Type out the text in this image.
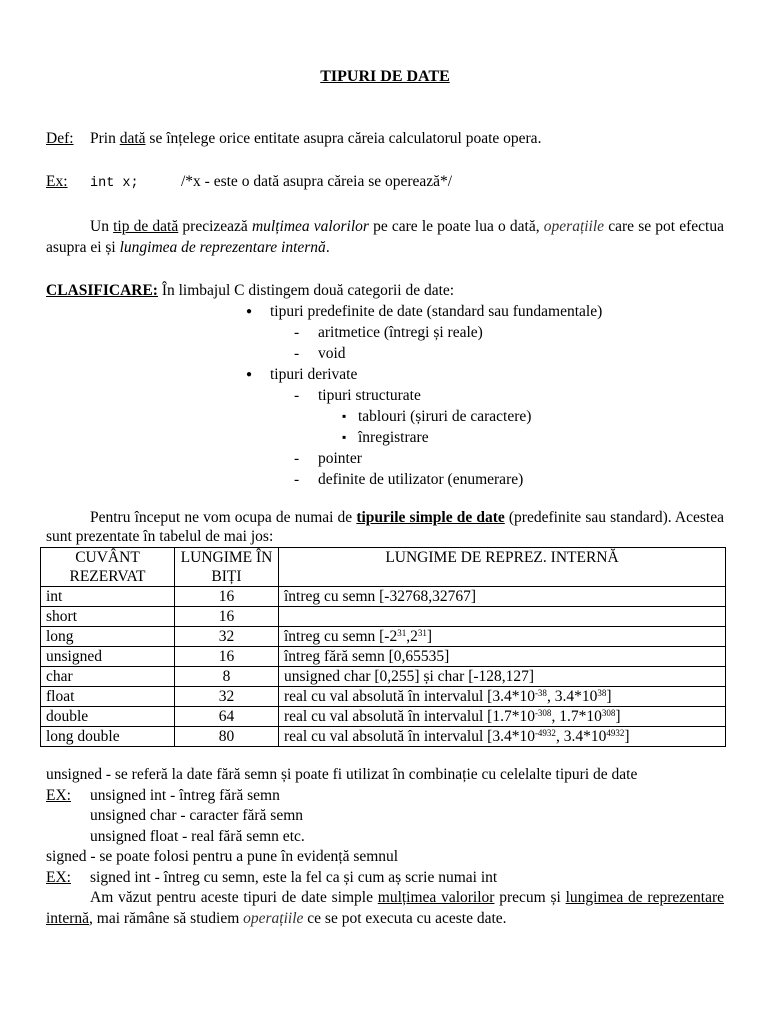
TIPURI DE DATE

Def: Prin dată se înțelege orice entitate asupra căreia calculatorul poate opera.

Ex: int x;	/*x - este o dată asupra căreia se operează*/

Un tip de dată precizează mulțimea valorilor pe care le poate lua o dată, operațiile care se pot efectua asupra ei și lungimea de reprezentare internă.

CLASIFICARE: În limbajul C distingem două categorii de date:

● tipuri predefinite de date (standard sau fundamentale)
- aritmetice (întregi și reale)
- void
● tipuri derivate
- tipuri structurate
▪ tablouri (șiruri de caractere)
▪ înregistrare
- pointer
- definite de utilizator (enumerare)

Pentru început ne vom ocupa de numai de tipurile simple de date (predefinite sau standard). Acestea sunt prezentate în tabelul de mai jos:

CUVÂNT REZERVAT	LUNGIME ÎN BIȚI	LUNGIME DE REPREZ. INTERNĂ
int	16	întreg cu semn [-32768,32767]
short	16	
long	32	întreg cu semn $[-2^{31},2^{31}]$
unsigned	16	întreg fără semn [0,65535]
char	8	unsigned char [0,255] și char [-128,127]
float	32	real cu val absolută în intervalul [$3.4*10^{-38}$, $3.4*10^{38}$]
double	64	real cu val absolută în intervalul [$1.7*10^{-308}$, $1.7*10^{308}$]
long double	80	real cu val absolută în intervalul [$3.4*10^{-4932}$, $3.4*10^{4932}$]

unsigned - se referă la date fără semn și poate fi utilizat în combinație cu celelalte tipuri de date

EX: unsigned int - întreg fără semn

unsigned char - caracter fără semn

unsigned float - real fără semn etc.

signed - se poate folosi pentru a pune în evidență semnul

EX: signed int - întreg cu semn, este la fel ca și cum aș scrie numai int

Am văzut pentru aceste tipuri de date simple mulțimea valorilor precum și lungimea de reprezentare internă, mai rămâne să studiem operațiile ce se pot executa cu aceste date.
